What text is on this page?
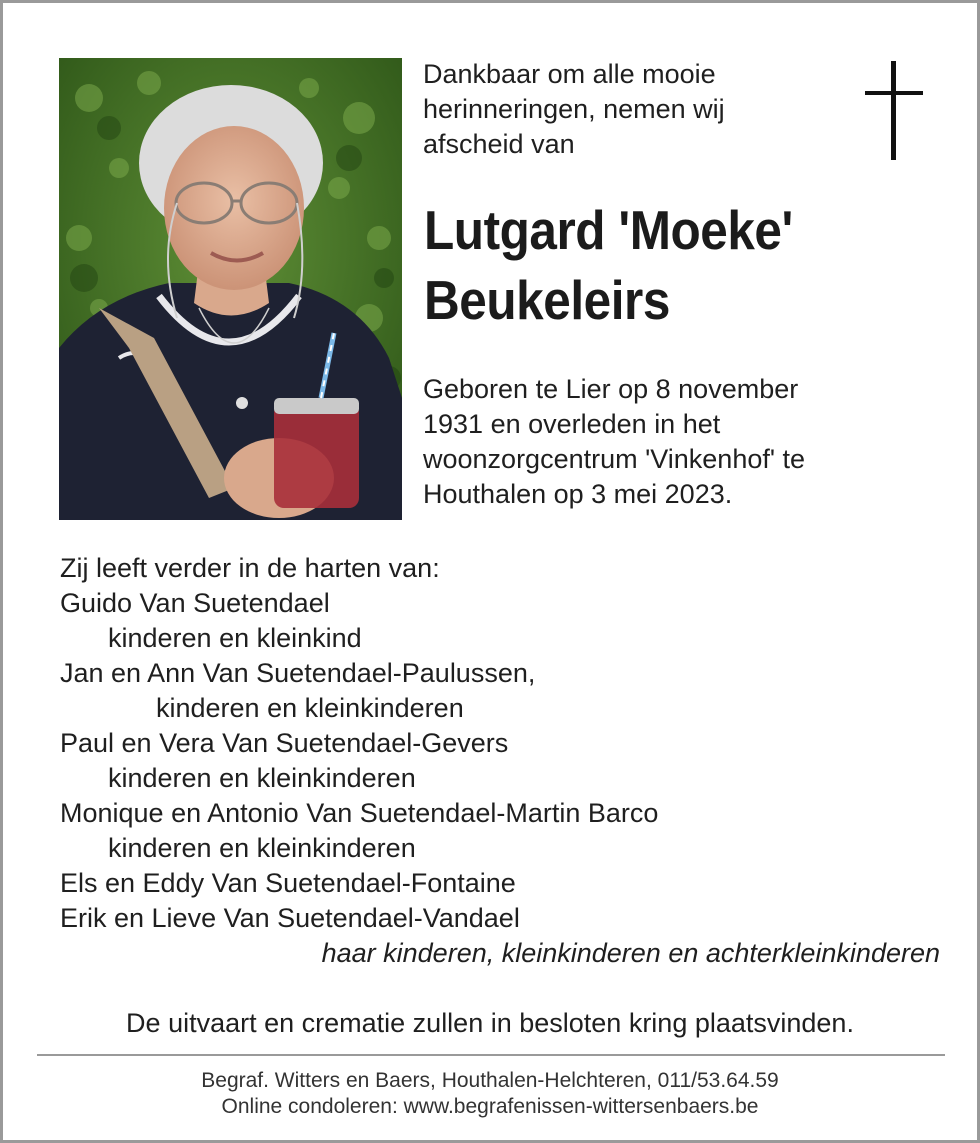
Dankbaar om alle mooie
herinneringen, nemen wij
afscheid van
Lutgard 'Moeke'
Beukeleirs
Geboren te Lier op 8 november
1931 en overleden in het
woonzorgcentrum 'Vinkenhof' te
Houthalen op 3 mei 2023.
Zij leeft verder in de harten van:
Guido Van Suetendael
kinderen en kleinkind
Jan en Ann Van Suetendael-Paulussen,
kinderen en kleinkinderen
Paul en Vera Van Suetendael-Gevers
kinderen en kleinkinderen
Monique en Antonio Van Suetendael-Martin Barco
kinderen en kleinkinderen
Els en Eddy Van Suetendael-Fontaine
Erik en Lieve Van Suetendael-Vandael
haar kinderen, kleinkinderen en achterkleinkinderen
De uitvaart en crematie zullen in besloten kring plaatsvinden.
Begraf. Witters en Baers, Houthalen-Helchteren, 011/53.64.59
Online condoleren: www.begrafenissen-wittersenbaers.be
